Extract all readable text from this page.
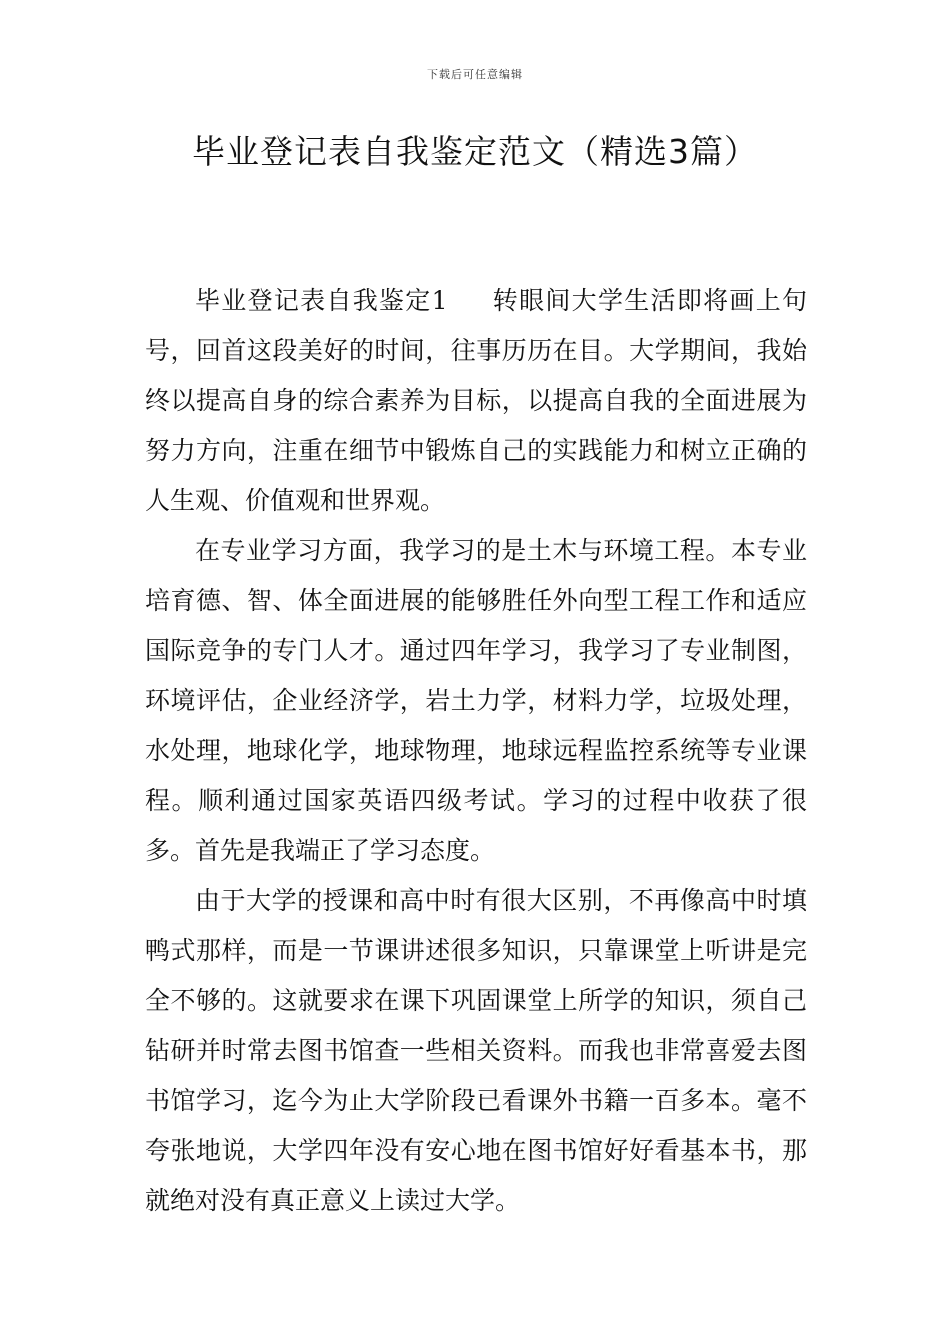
下载后可任意编辑
毕业登记表自我鉴定范文（精选3篇）

毕业登记表自我鉴定1 转眼间大学生活即将画上句号，回首这段美好的时间，往事历历在目。大学期间，我始终以提高自身的综合素养为目标，以提高自我的全面进展为努力方向，注重在细节中锻炼自己的实践能力和树立正确的人生观、价值观和世界观。

在专业学习方面，我学习的是土木与环境工程。本专业培育德、智、体全面进展的能够胜任外向型工程工作和适应国际竞争的专门人才。通过四年学习，我学习了专业制图，环境评估，企业经济学，岩土力学，材料力学，垃圾处理，水处理，地球化学，地球物理，地球远程监控系统等专业课程。顺利通过国家英语四级考试。学习的过程中收获了很多。首先是我端正了学习态度。

由于大学的授课和高中时有很大区别，不再像高中时填鸭式那样，而是一节课讲述很多知识，只靠课堂上听讲是完全不够的。这就要求在课下巩固课堂上所学的知识，须自己钻研并时常去图书馆查一些相关资料。而我也非常喜爱去图书馆学习，迄今为止大学阶段已看课外书籍一百多本。毫不夸张地说，大学四年没有安心地在图书馆好好看基本书，那就绝对没有真正意义上读过大学。
